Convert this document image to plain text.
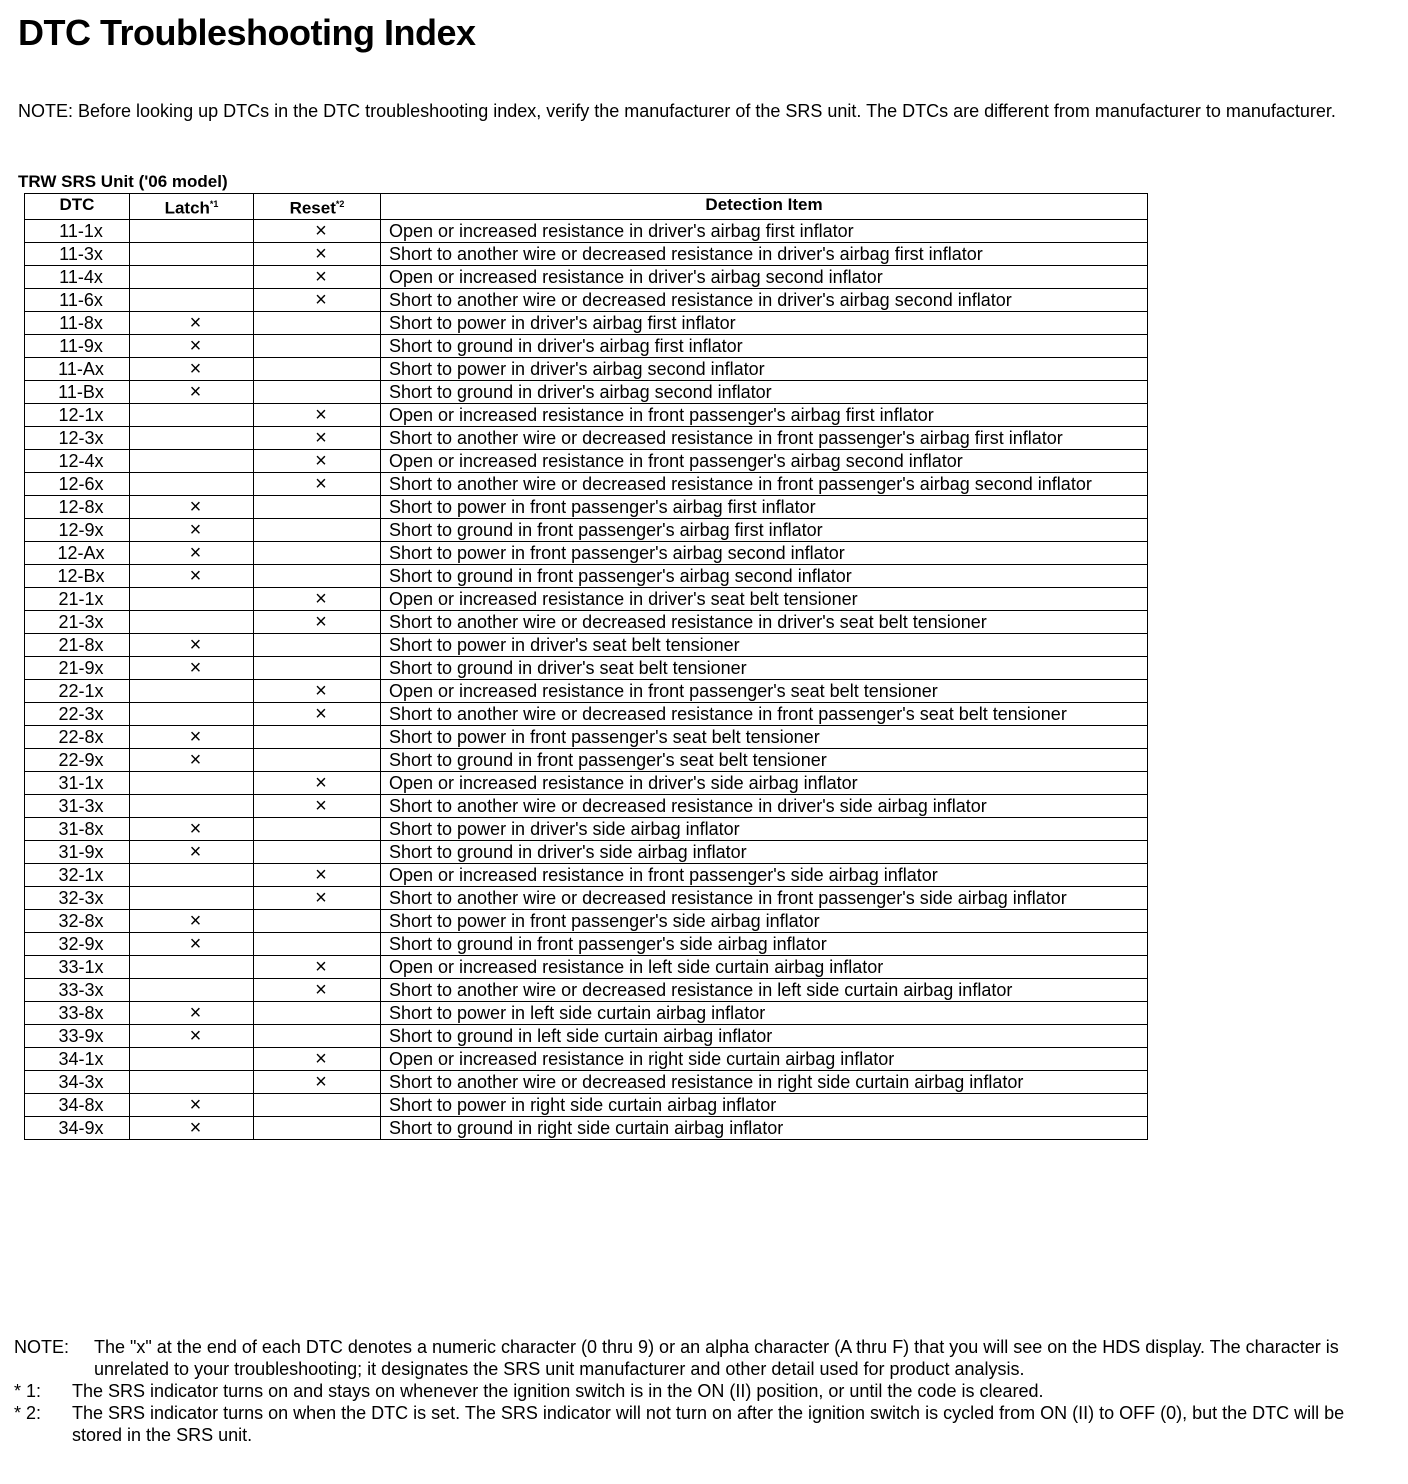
DTC Troubleshooting Index
NOTE: Before looking up DTCs in the DTC troubleshooting index, verify the manufacturer of the SRS unit. The DTCs are different from manufacturer to manufacturer.
TRW SRS Unit ('06 model)
DTC	Latch$^{*1}$	Reset$^{*2}$	Detection Item
11-1x		×	Open or increased resistance in driver's airbag first inflator
11-3x		×	Short to another wire or decreased resistance in driver's airbag first inflator
11-4x		×	Open or increased resistance in driver's airbag second inflator
11-6x		×	Short to another wire or decreased resistance in driver's airbag second inflator
11-8x	×		Short to power in driver's airbag first inflator
11-9x	×		Short to ground in driver's airbag first inflator
11-Ax	×		Short to power in driver's airbag second inflator
11-Bx	×		Short to ground in driver's airbag second inflator
12-1x		×	Open or increased resistance in front passenger's airbag first inflator
12-3x		×	Short to another wire or decreased resistance in front passenger's airbag first inflator
12-4x		×	Open or increased resistance in front passenger's airbag second inflator
12-6x		×	Short to another wire or decreased resistance in front passenger's airbag second inflator
12-8x	×		Short to power in front passenger's airbag first inflator
12-9x	×		Short to ground in front passenger's airbag first inflator
12-Ax	×		Short to power in front passenger's airbag second inflator
12-Bx	×		Short to ground in front passenger's airbag second inflator
21-1x		×	Open or increased resistance in driver's seat belt tensioner
21-3x		×	Short to another wire or decreased resistance in driver's seat belt tensioner
21-8x	×		Short to power in driver's seat belt tensioner
21-9x	×		Short to ground in driver's seat belt tensioner
22-1x		×	Open or increased resistance in front passenger's seat belt tensioner
22-3x		×	Short to another wire or decreased resistance in front passenger's seat belt tensioner
22-8x	×		Short to power in front passenger's seat belt tensioner
22-9x	×		Short to ground in front passenger's seat belt tensioner
31-1x		×	Open or increased resistance in driver's side airbag inflator
31-3x		×	Short to another wire or decreased resistance in driver's side airbag inflator
31-8x	×		Short to power in driver's side airbag inflator
31-9x	×		Short to ground in driver's side airbag inflator
32-1x		×	Open or increased resistance in front passenger's side airbag inflator
32-3x		×	Short to another wire or decreased resistance in front passenger's side airbag inflator
32-8x	×		Short to power in front passenger's side airbag inflator
32-9x	×		Short to ground in front passenger's side airbag inflator
33-1x		×	Open or increased resistance in left side curtain airbag inflator
33-3x		×	Short to another wire or decreased resistance in left side curtain airbag inflator
33-8x	×		Short to power in left side curtain airbag inflator
33-9x	×		Short to ground in left side curtain airbag inflator
34-1x		×	Open or increased resistance in right side curtain airbag inflator
34-3x		×	Short to another wire or decreased resistance in right side curtain airbag inflator
34-8x	×		Short to power in right side curtain airbag inflator
34-9x	×		Short to ground in right side curtain airbag inflator
NOTE:	The "x" at the end of each DTC denotes a numeric character (0 thru 9) or an alpha character (A thru F) that you will see on the HDS display. The character is unrelated to your troubleshooting; it designates the SRS unit manufacturer and other detail used for product analysis.
* 1:	The SRS indicator turns on and stays on whenever the ignition switch is in the ON (II) position, or until the code is cleared.
* 2:	The SRS indicator turns on when the DTC is set. The SRS indicator will not turn on after the ignition switch is cycled from ON (II) to OFF (0), but the DTC will be stored in the SRS unit.
